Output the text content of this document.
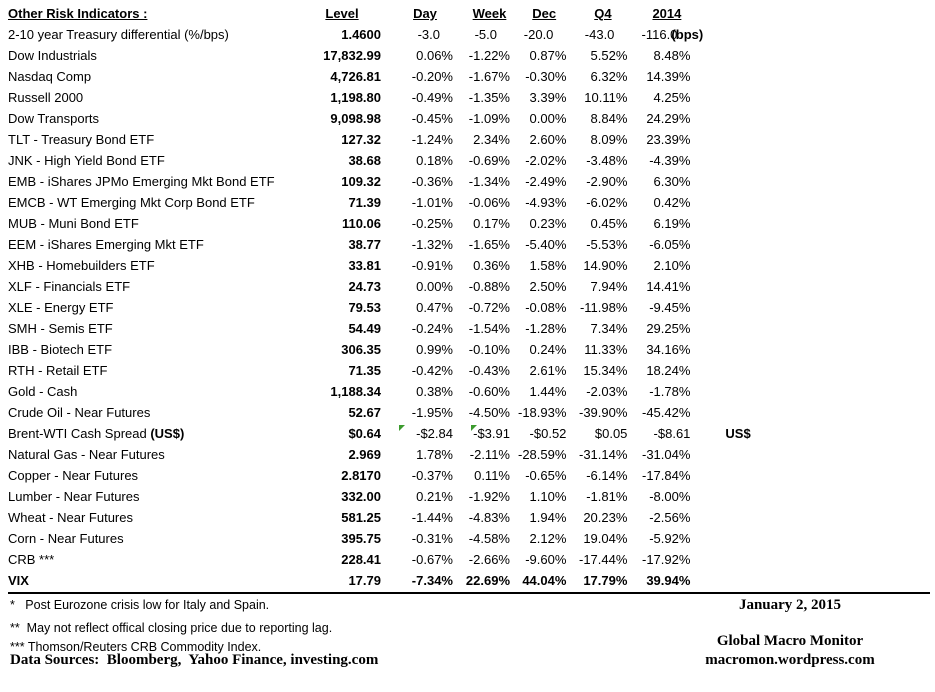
Other Risk Indicators :	Level	Day	Week	Dec	Q4	2014	
2-10 year Treasury differential (%/bps)	1.4600	-3.0	-5.0	-20.0	-43.0	-116.0	(bps)
Dow Industrials	17,832.99	0.06%	-1.22%	0.87%	5.52%	8.48%	

Nasdaq Comp	4,726.81	-0.20%	-1.67%	-0.30%	6.32%	14.39%	

Russell 2000	1,198.80	-0.49%	-1.35%	3.39%	10.11%	4.25%	

Dow Transports	9,098.98	-0.45%	-1.09%	0.00%	8.84%	24.29%	

TLT - Treasury Bond ETF	127.32	-1.24%	2.34%	2.60%	8.09%	23.39%	

JNK - High Yield Bond ETF	38.68	0.18%	-0.69%	-2.02%	-3.48%	-4.39%	

EMB - iShares JPMo Emerging Mkt Bond ETF	109.32	-0.36%	-1.34%	-2.49%	-2.90%	6.30%	

EMCB - WT Emerging Mkt Corp Bond ETF	71.39	-1.01%	-0.06%	-4.93%	-6.02%	0.42%	

MUB - Muni Bond ETF	110.06	-0.25%	0.17%	0.23%	0.45%	6.19%	

EEM - iShares Emerging Mkt ETF	38.77	-1.32%	-1.65%	-5.40%	-5.53%	-6.05%	

XHB - Homebuilders ETF	33.81	-0.91%	0.36%	1.58%	14.90%	2.10%	

XLF - Financials ETF	24.73	0.00%	-0.88%	2.50%	7.94%	14.41%	

XLE - Energy ETF	79.53	0.47%	-0.72%	-0.08%	-11.98%	-9.45%	

SMH - Semis ETF	54.49	-0.24%	-1.54%	-1.28%	7.34%	29.25%	

IBB - Biotech ETF	306.35	0.99%	-0.10%	0.24%	11.33%	34.16%	

RTH - Retail ETF	71.35	-0.42%	-0.43%	2.61%	15.34%	18.24%	

Gold - Cash	1,188.34	0.38%	-0.60%	1.44%	-2.03%	-1.78%	

Crude Oil - Near Futures	52.67	-1.95%	-4.50%	-18.93%	-39.90%	-45.42%	

Brent-WTI Cash Spread (US$)	$0.64	-$2.84	-$3.91	-$0.52	$0.05	-$8.61	US$
Natural Gas - Near Futures	2.969	1.78%	-2.11%	-28.59%	-31.14%	-31.04%	

Copper - Near Futures	2.8170	-0.37%	0.11%	-0.65%	-6.14%	-17.84%	

Lumber - Near Futures	332.00	0.21%	-1.92%	1.10%	-1.81%	-8.00%	

Wheat - Near Futures	581.25	-1.44%	-4.83%	1.94%	20.23%	-2.56%	

Corn - Near Futures	395.75	-0.31%	-4.58%	2.12%	19.04%	-5.92%	

CRB ***	228.41	-0.67%	-2.66%	-9.60%	-17.44%	-17.92%	

VIX	17.79	-7.34%	22.69%	44.04%	17.79%	39.94%	

*   Post Eurozone crisis low for Italy and Spain.
**  May not reflect offical closing price due to reporting lag.
*** Thomson/Reuters CRB Commodity Index.
Data Sources:  Bloomberg,  Yahoo Finance, investing.com
January 2, 2015
Global Macro Monitor
macromon.wordpress.com
